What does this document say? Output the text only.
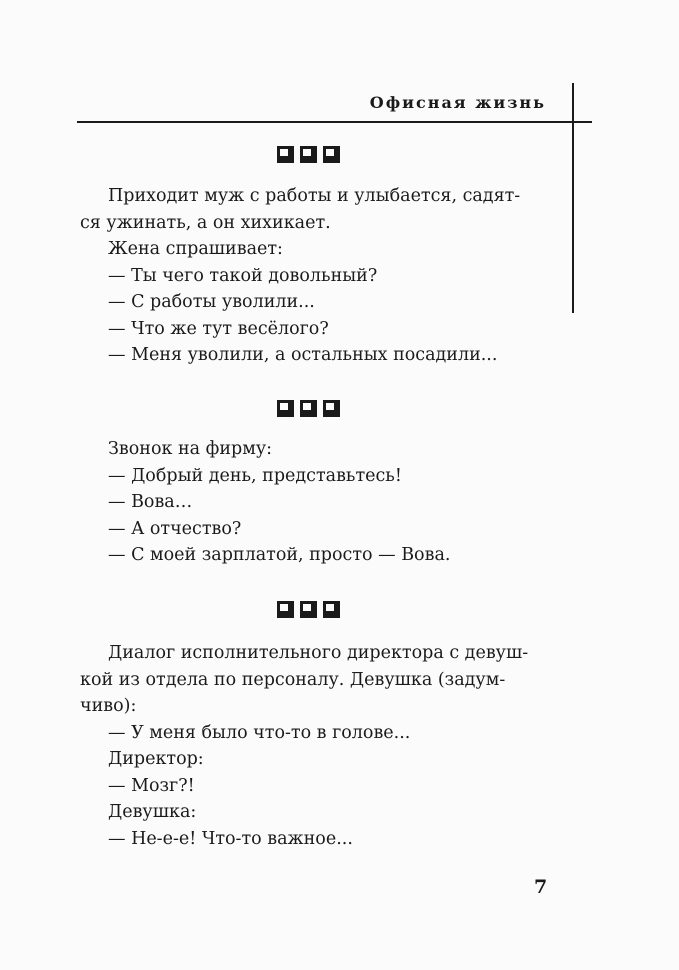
Офисная жизнь

Приходит муж с работы и улыбается, садят-

ся ужинать, а он хихикает.

Жена спрашивает:

— Ты чего такой довольный?

— С работы уволили...

— Что же тут весёлого?

— Меня уволили, а остальных посадили...

Звонок на фирму:

— Добрый день, представьтесь!

— Вова…

— А отчество?

— С моей зарплатой, просто — Вова.

Диалог исполнительного директора с девуш-

кой из отдела по персоналу. Девушка (задум-

чиво):

— У меня было что-то в голове...

Директор:

— Мозг?!

Девушка:

— Не-е-е! Что-то важное...

7
